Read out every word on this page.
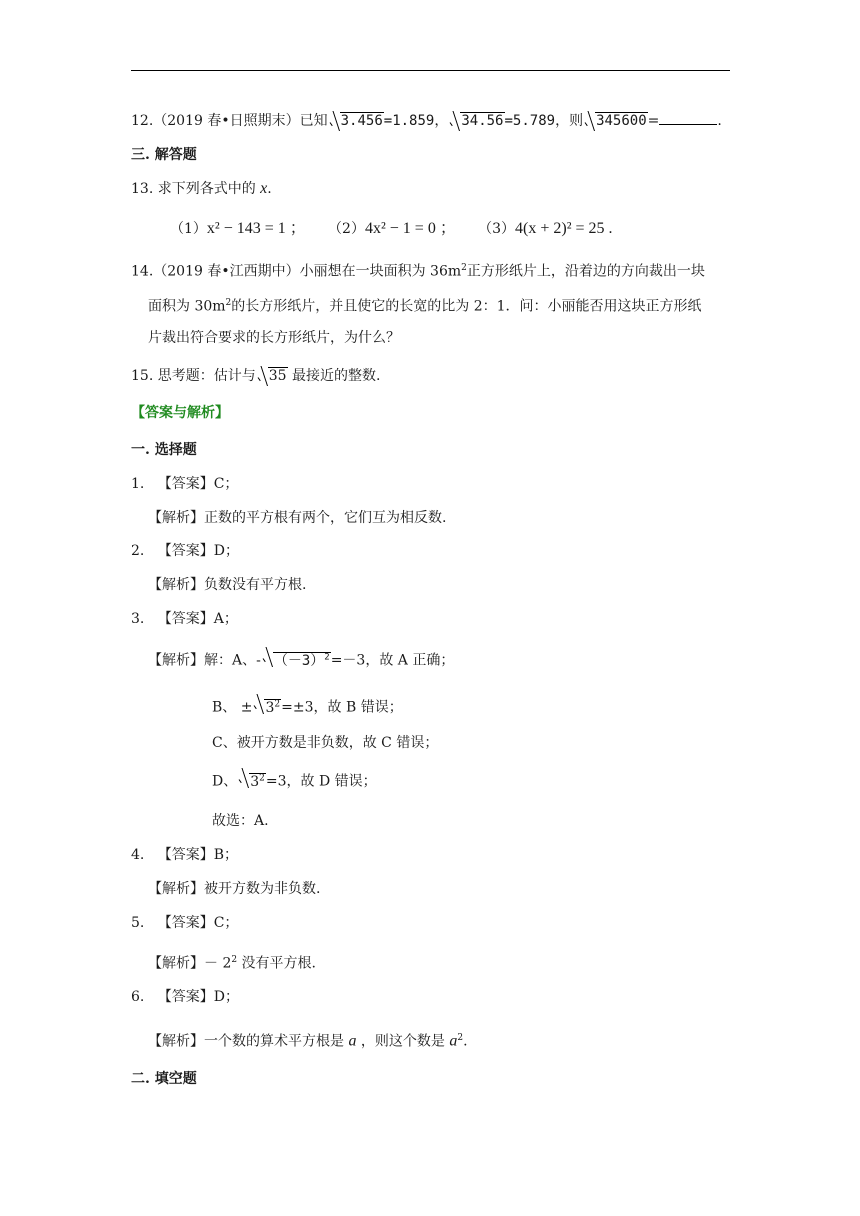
12.（2019 春•日照期末）已知 3.456=1.859， 34.56=5.789，则 345600=	.
三. 解答题
13. 求下列各式中的 x.
（1）x² − 143 = 1 ； （2）4x² − 1 = 0 ； （3）4(x + 2)² = 25 .
14.（2019 春•江西期中）小丽想在一块面积为 $36m^2$正方形纸片上，沿着边的方向裁出一块
面积为 $30m^2$的长方形纸片，并且使它的长宽的比为 2：1．问：小丽能否用这块正方形纸
片裁出符合要求的长方形纸片，为什么？
15. 思考题：估计与 35 最接近的整数.
【答案与解析】
一. 选择题
1. 【答案】C；
【解析】正数的平方根有两个，它们互为相反数.
2. 【答案】D；
【解析】负数没有平方根.
3. 【答案】A；
【解析】解：A、- $(-3)^2=-3$，故 A 正确；
B、 ± $3^2=\pm 3$，故 B 错误；
C、被开方数是非负数，故 C 错误；
D、 $3^2=3$，故 D 错误；
故选：A.
4. 【答案】B；
【解析】被开方数为非负数.
5. 【答案】C；
【解析】－ $2^2$ 没有平方根.
6. 【答案】D；
【解析】一个数的算术平方根是 a ，则这个数是 $a^2$.
二. 填空题
